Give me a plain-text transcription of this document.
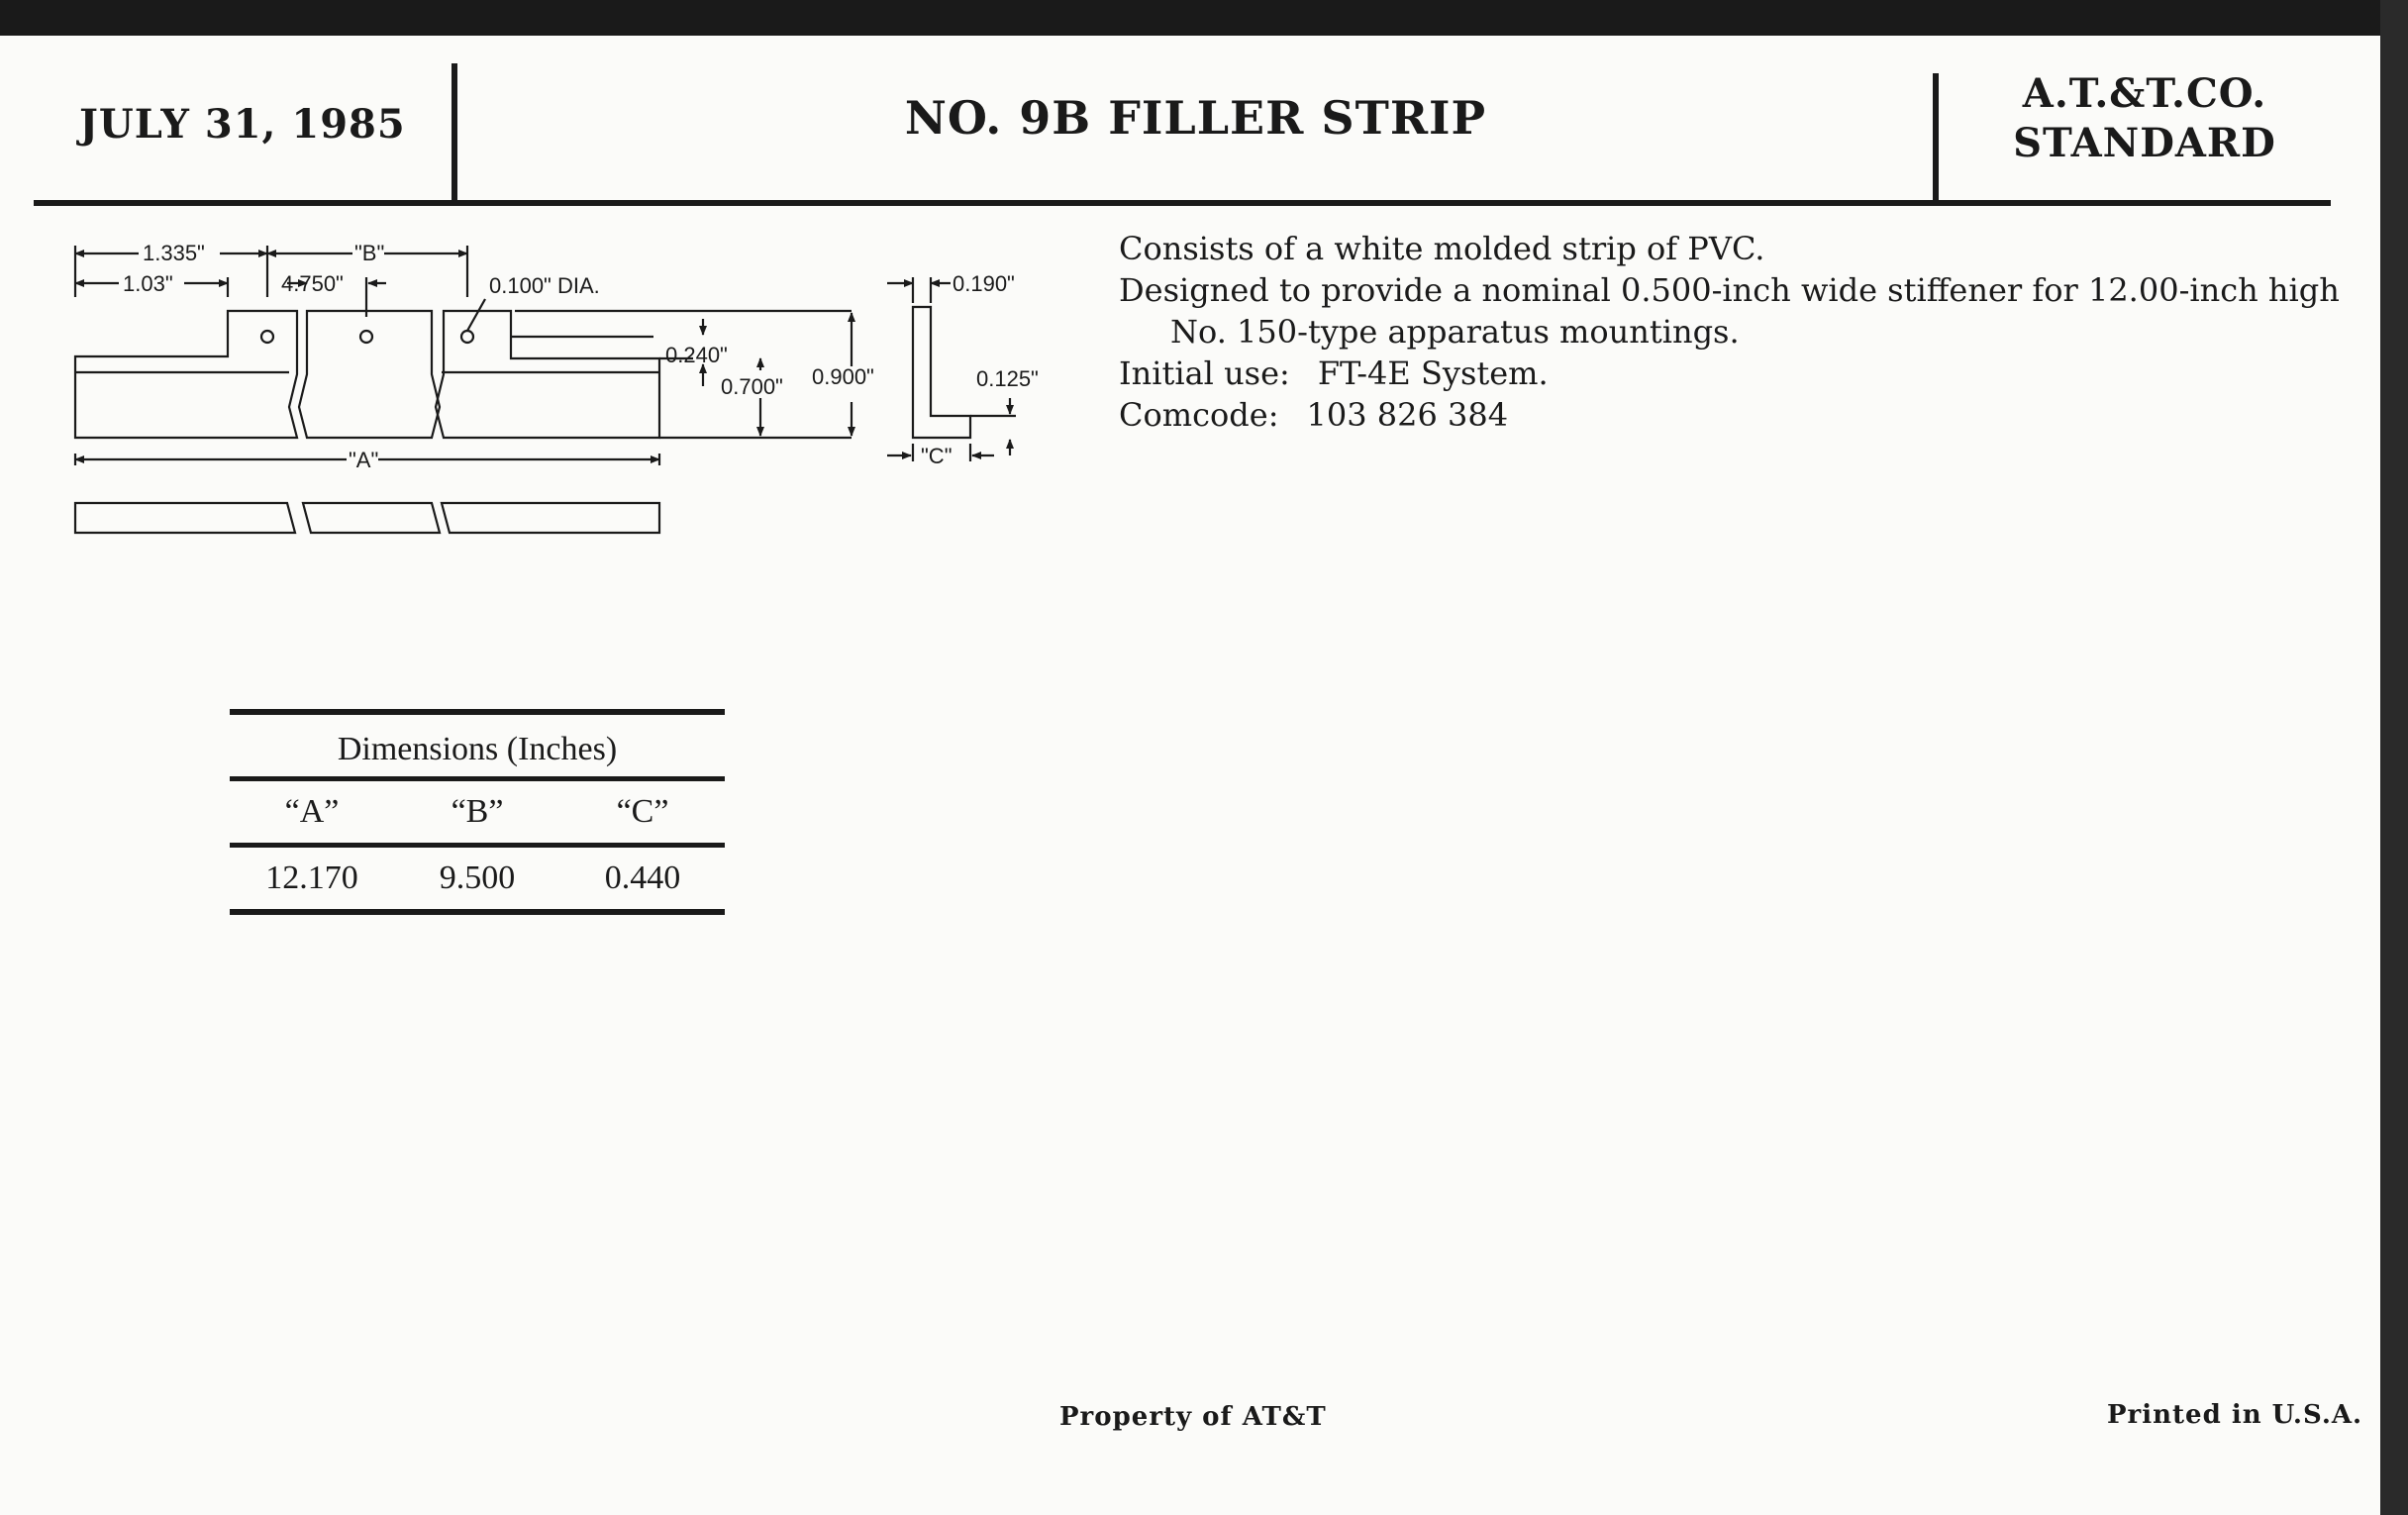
JULY 31, 1985	NO. 9B FILLER STRIP	A.T.&T.CO.
STANDARD
1.335"	"B"
1.03"	4.750"	0.100" DIA.
0.240"
0.700" 0.900"
"A"
0.190"
0.125"
"C"
Consists of a white molded strip of PVC.
Designed to provide a nominal 0.500-inch wide stiffener for 12.00-inch high
No. 150-type apparatus mountings.
Initial use: FT-4E System.
Comcode: 103 826 384
Dimensions (Inches)
“A”	“B”	“C”
12.170	9.500	0.440
Property of AT&T	Printed in U.S.A.
